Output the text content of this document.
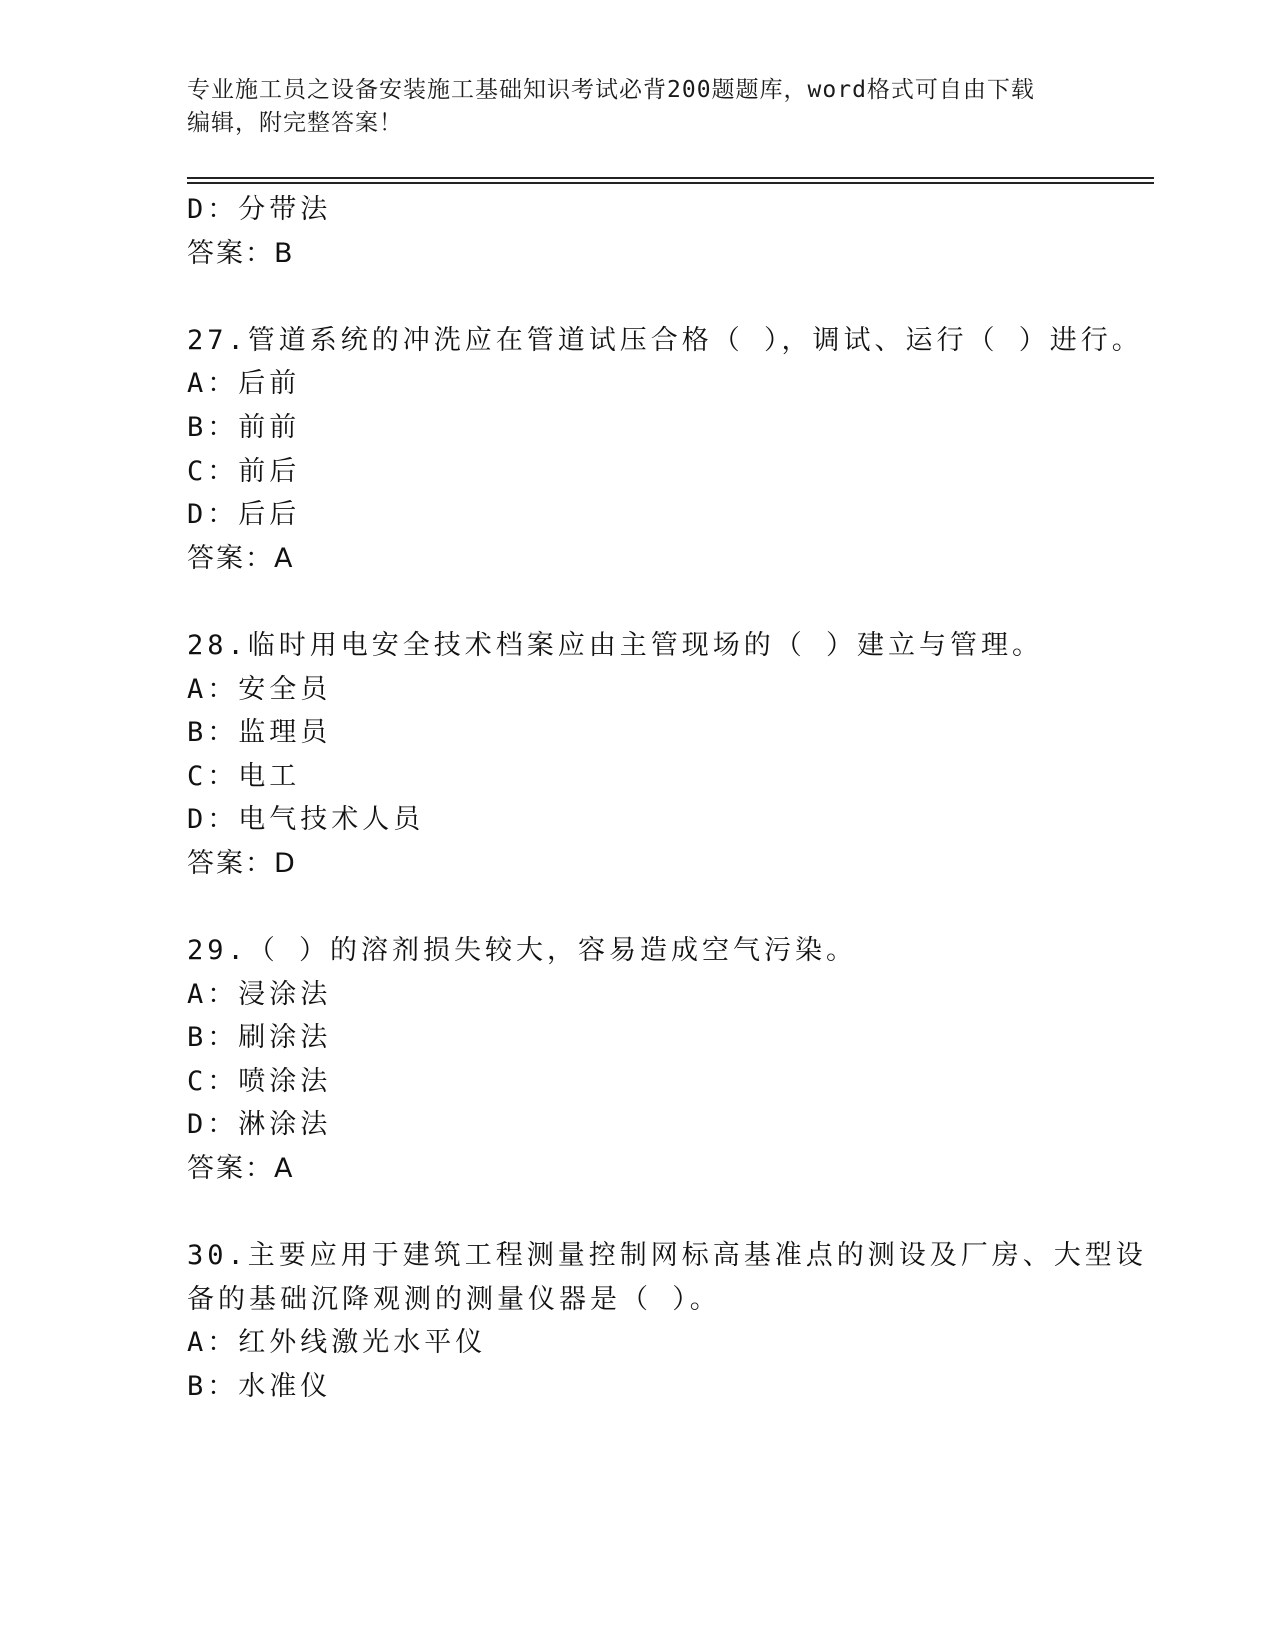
专业施工员之设备安装施工基础知识考试必背200题题库，word格式可自由下载
编辑，附完整答案！
D：分带法
答案：B
27.管道系统的冲洗应在管道试压合格（ ），调试、运行（ ）进行。
A：后前
B：前前
C：前后
D：后后
答案：A
28.临时用电安全技术档案应由主管现场的（ ）建立与管理。
A：安全员
B：监理员
C：电工
D：电气技术人员
答案：D
29.（ ）的溶剂损失较大，容易造成空气污染。
A：浸涂法
B：刷涂法
C：喷涂法
D：淋涂法
答案：A
30.主要应用于建筑工程测量控制网标高基准点的测设及厂房、大型设
备的基础沉降观测的测量仪器是（ ）。
A：红外线激光水平仪
B：水准仪
